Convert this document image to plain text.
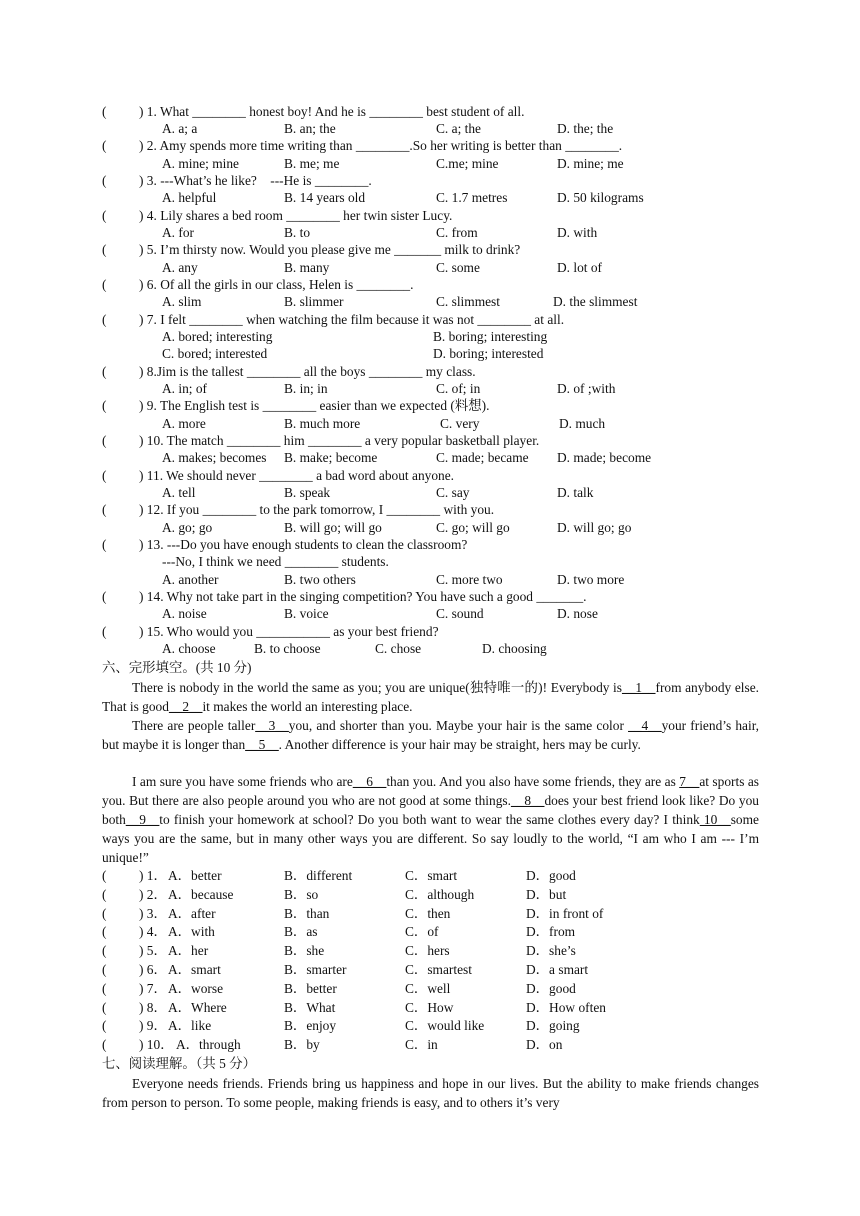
( ) 1. What ________ honest boy! And he is ________ best student of all.

A. a; a	B. an; the	C. a; the	D. the; the
( ) 2. Amy spends more time writing than ________.So her writing is better than ________.

A. mine; mine	B. me; me	C.me; mine	D. mine; me
( ) 3. ---What’s he like?    ---He is ________.

A. helpful	B. 14 years old	C. 1.7 metres	D. 50 kilograms
( ) 4. Lily shares a bed room ________ her twin sister Lucy.

A. for	B. to	C. from	D. with
( ) 5. I’m thirsty now. Would you please give me _______ milk to drink?

A. any	B. many	C. some	D. lot of
( ) 6. Of all the girls in our class, Helen is ________.

A. slim	B. slimmer	C. slimmest	D. the slimmest
( ) 7. I felt ________ when watching the film because it was not ________ at all.

A. bored; interesting	B. boring; interesting

C. bored; interested	D. boring; interested
( ) 8.Jim is the tallest ________ all the boys ________ my class.

A. in; of	B. in; in	C. of; in	D. of ;with
( ) 9. The English test is ________ easier than we expected (料想).

A. more	B. much more	C. very	D. much
( ) 10. The match ________ him ________ a very popular basketball player.

A. makes; becomes B. make; become	C. made; became D. made; become
( ) 11. We should never ________ a bad word about anyone.

A. tell	B. speak	C. say	D. talk
( ) 12. If you ________ to the park tomorrow, I ________ with you.

A. go; go	B. will go; will go	C. go; will go	D. will go; go
( ) 13. ---Do you have enough students to clean the classroom?

---No, I think we need ________ students.

A. another	B. two others	C. more two	D. two more
( ) 14. Why not take part in the singing competition? You have such a good _______.

A. noise	B. voice	C. sound	D. nose
( ) 15. Who would you ___________ as your best friend?

A. choose	B. to choose	C. chose	D. choosing
六、完形填空。(共 10 分)
There is nobody in the world the same as you; you are unique(独特唯一的)! Everybody is__1__from anybody else. That is good__2__it makes the world an interesting place.
There are people taller__3__you, and shorter than you. Maybe your hair is the same color __4__your friend’s hair, but maybe it is longer than__5__. Another difference is your hair may be straight, hers may be curly.
I am sure you have some friends who are__6__than you. And you also have some friends, they are as 7__at sports as you. But there are also people around you who are not good at some things.__8__does your best friend look like? Do you both__9__to finish your homework at school? Do you both want to wear the same clothes every day? I think 10__some ways you are the same, but in many other ways you are different. So say loudly to the world, “I am who I am --- I’m unique!”
( ) 1． A．better	B．different	C．smart	D．good
( ) 2． A．because	B．so	C．although	D．but
( ) 3． A．after	B．than	C．then	D．in front of
( ) 4． A．with	B．as	C．of	D．from
( ) 5． A．her	B．she	C．hers	D．she’s
( ) 6． A．smart	B．smarter	C．smartest	D．a smart
( ) 7． A．worse	B．better	C．well	D．good
( ) 8． A．Where	B．What	C．How	D．How often
( ) 9． A．like	B．enjoy	C．would like	D．going
( ) 10． A．through	B．by	C．in	D．on
七、阅读理解。（共 5 分）
Everyone needs friends. Friends bring us happiness and hope in our lives. But the ability to make friends changes from person to person. To some people, making friends is easy, and to others it’s very
